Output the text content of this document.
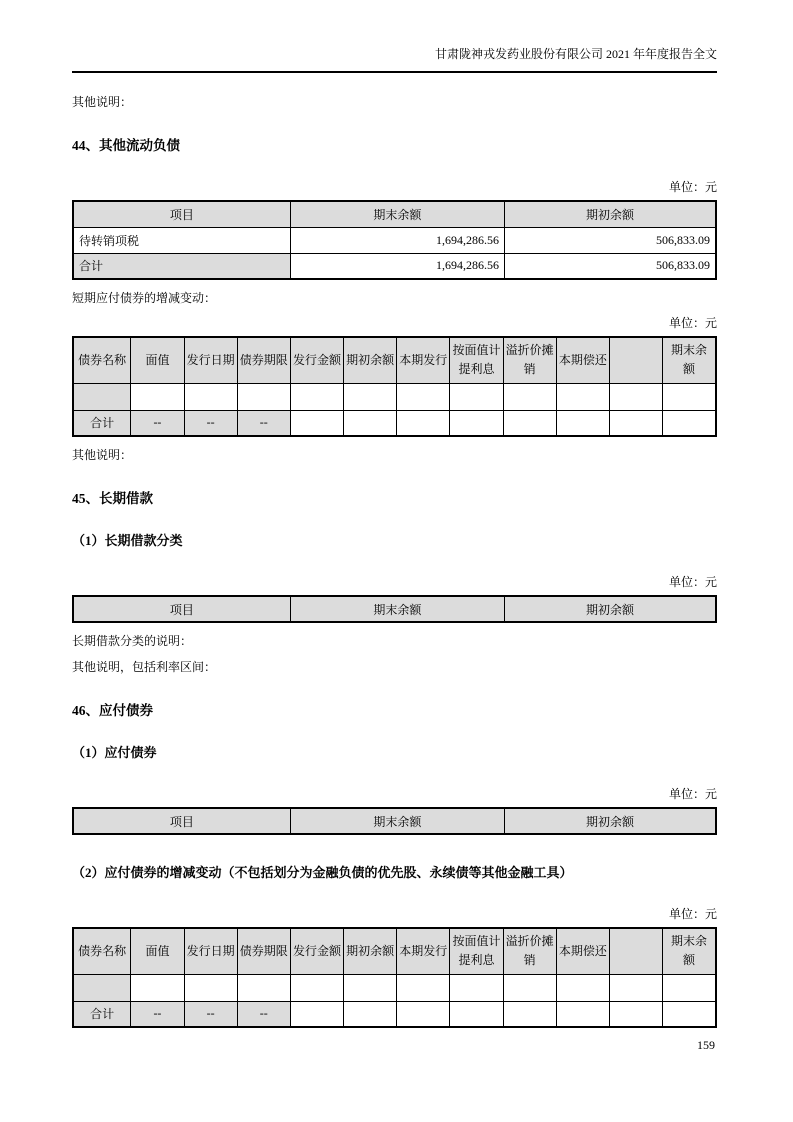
甘肃陇神戎发药业股份有限公司 2021 年年度报告全文
其他说明：
44、其他流动负债
单位：元
项目	期末余额	期初余额
待转销项税	1,694,286.56	506,833.09
合计	1,694,286.56	506,833.09
短期应付债券的增减变动：
单位：元
债券名称	面值	发行日期	债券期限	发行金额	期初余额	本期发行	按面值计提利息	溢折价摊销	本期偿还		期末余额

合计	--	--	--								
其他说明：
45、长期借款
（1）长期借款分类
单位：元
项目	期末余额	期初余额
长期借款分类的说明：
其他说明，包括利率区间：
46、应付债券
（1）应付债券
单位：元
项目	期末余额	期初余额
（2）应付债券的增减变动（不包括划分为金融负债的优先股、永续债等其他金融工具）
单位：元
债券名称	面值	发行日期	债券期限	发行金额	期初余额	本期发行	按面值计提利息	溢折价摊销	本期偿还		期末余额

合计	--	--	--								
159
